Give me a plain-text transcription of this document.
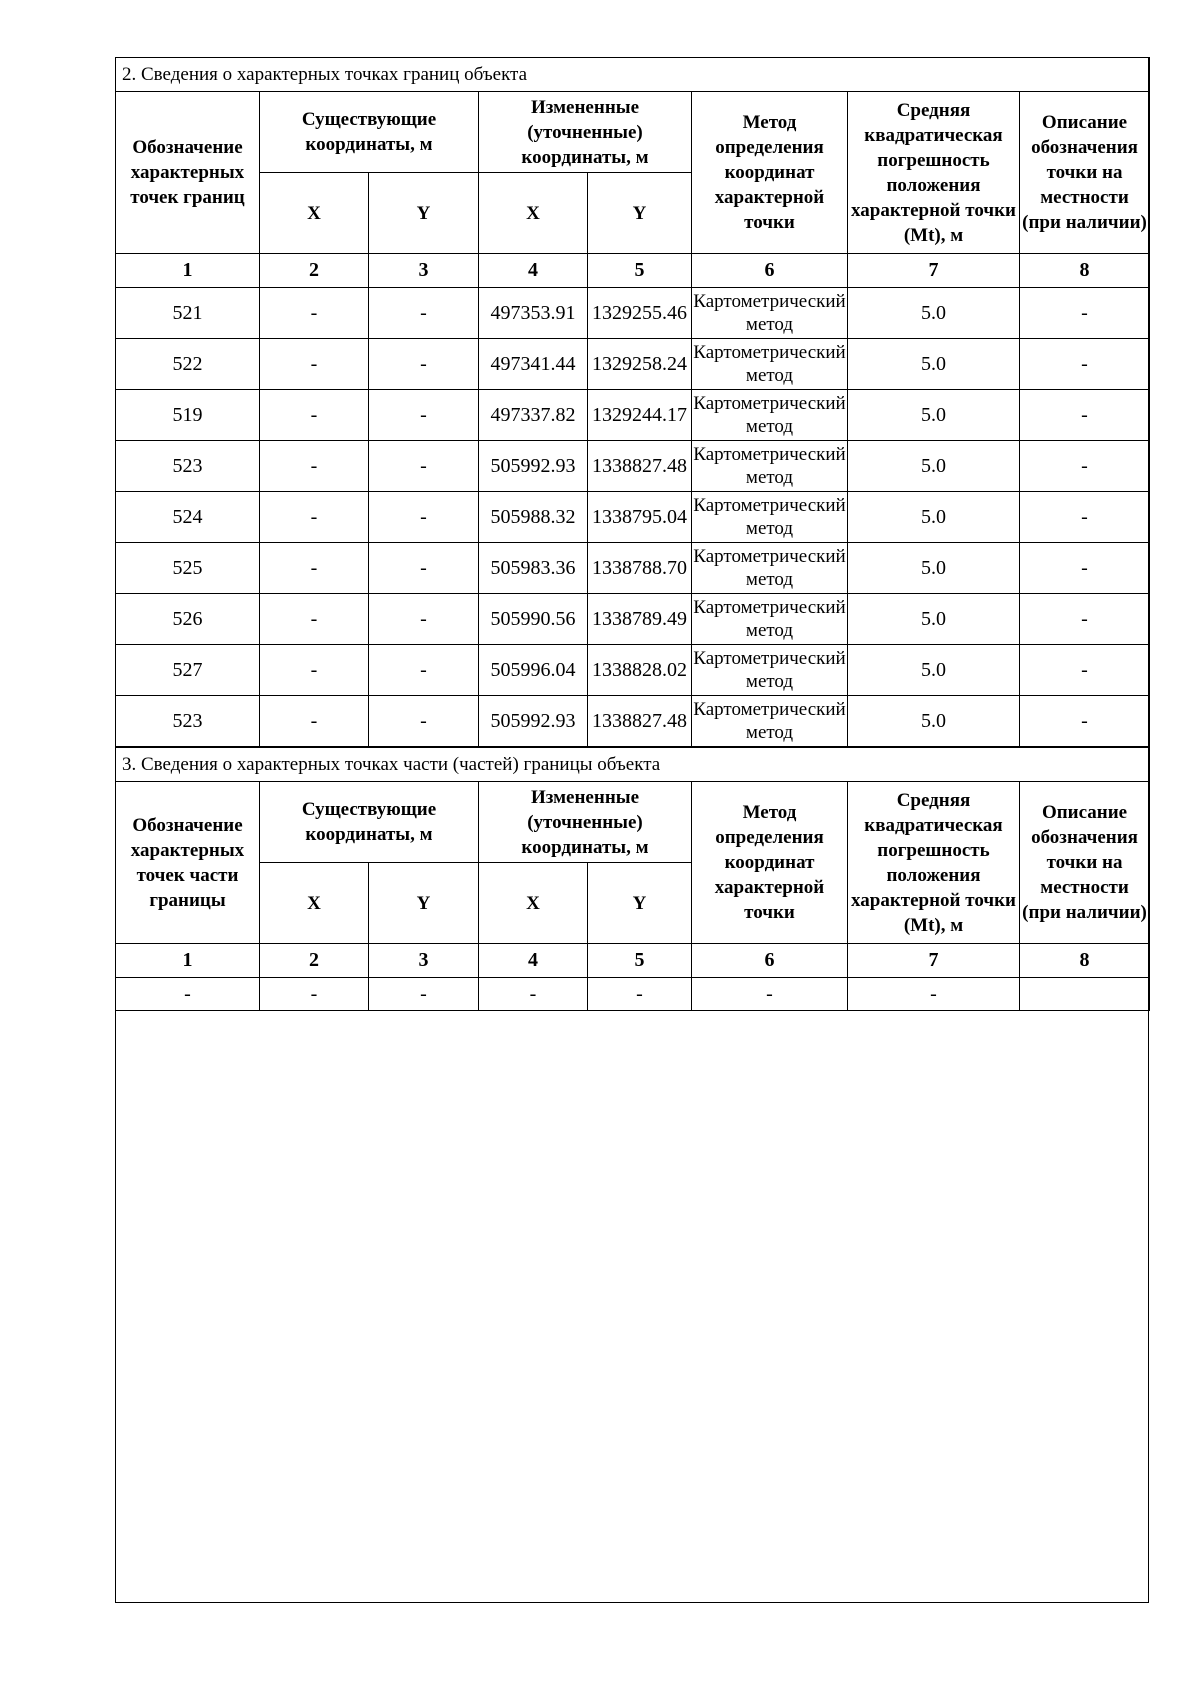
2. Сведения о характерных точках границ объекта							
Обозначение характерных точек границ	Существующие координаты, м		Измененные (уточненные) координаты, м		Метод определения координат характерной точки	Средняя квадратическая погрешность положения характерной точки (Mt), м	Описание обозначения точки на местности (при наличии)
	X	Y	X	Y			
1	2	3	4	5	6	7	8
521	-	-	497353.91	1329255.46	Картометрический метод	5.0	-
522	-	-	497341.44	1329258.24	Картометрический метод	5.0	-
519	-	-	497337.82	1329244.17	Картометрический метод	5.0	-
523	-	-	505992.93	1338827.48	Картометрический метод	5.0	-
524	-	-	505988.32	1338795.04	Картометрический метод	5.0	-
525	-	-	505983.36	1338788.70	Картометрический метод	5.0	-
526	-	-	505990.56	1338789.49	Картометрический метод	5.0	-
527	-	-	505996.04	1338828.02	Картометрический метод	5.0	-
523	-	-	505992.93	1338827.48	Картометрический метод	5.0	-
3. Сведения о характерных точках части (частей) границы объекта							
Обозначение характерных точек части границы	Существующие координаты, м		Измененные (уточненные) координаты, м		Метод определения координат характерной точки	Средняя квадратическая погрешность положения характерной точки (Mt), м	Описание обозначения точки на местности (при наличии)
	X	Y	X	Y			
1	2	3	4	5	6	7	8
-	-	-	-	-	-	-	
